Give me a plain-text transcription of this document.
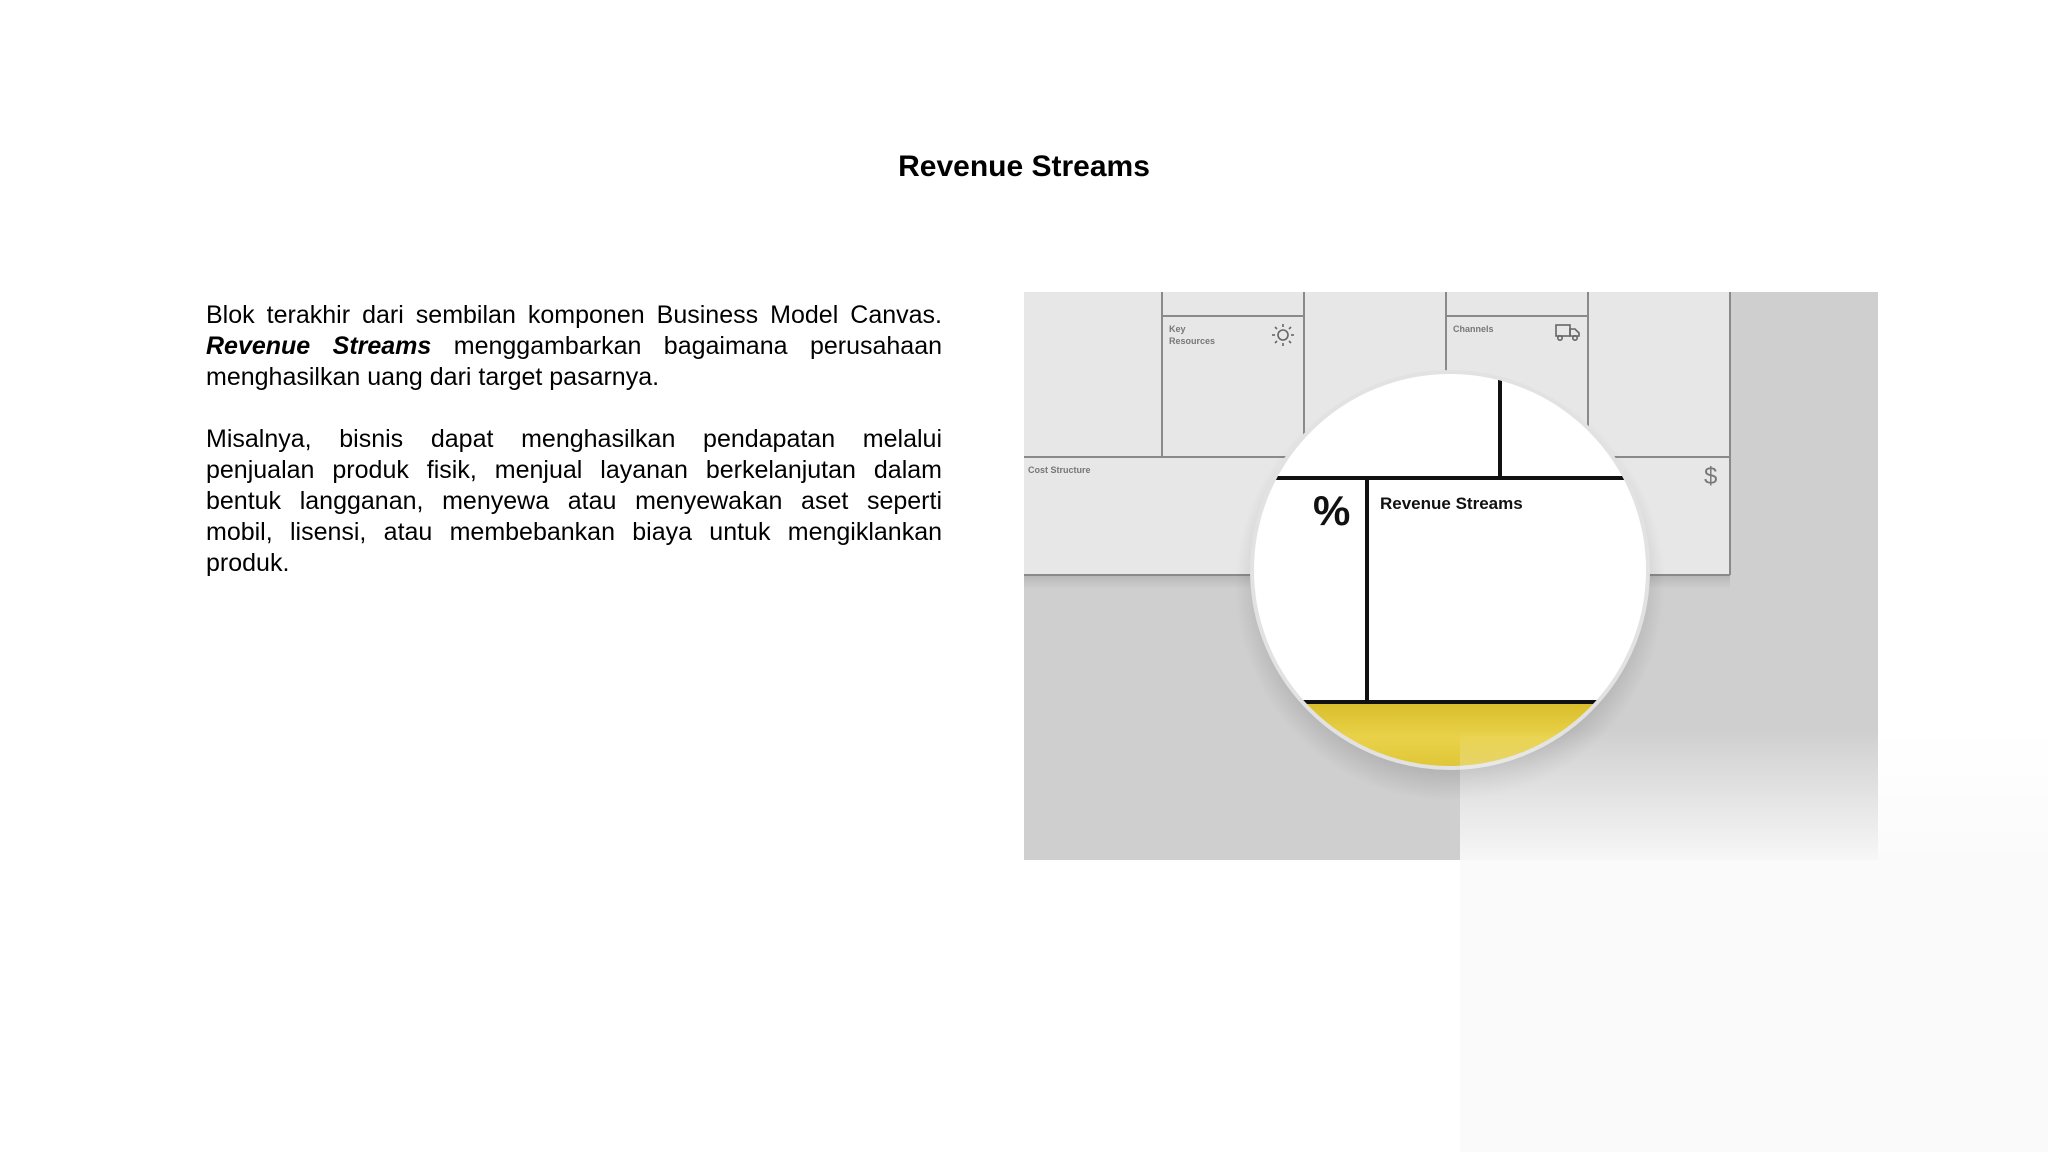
Revenue Streams

Blok terakhir dari sembilan komponen Business Model Canvas. Revenue Streams menggambarkan bagaimana perusahaan menghasilkan uang dari target pasarnya.

Misalnya, bisnis dapat menghasilkan pendapatan melalui penjualan produk fisik, menjual layanan berkelanjutan dalam bentuk langganan, menyewa atau menyewakan aset seperti mobil, lisensi, atau membebankan biaya untuk mengiklankan produk.

Key
Resources
Channels
Cost Structure	$
% Revenue Streams
